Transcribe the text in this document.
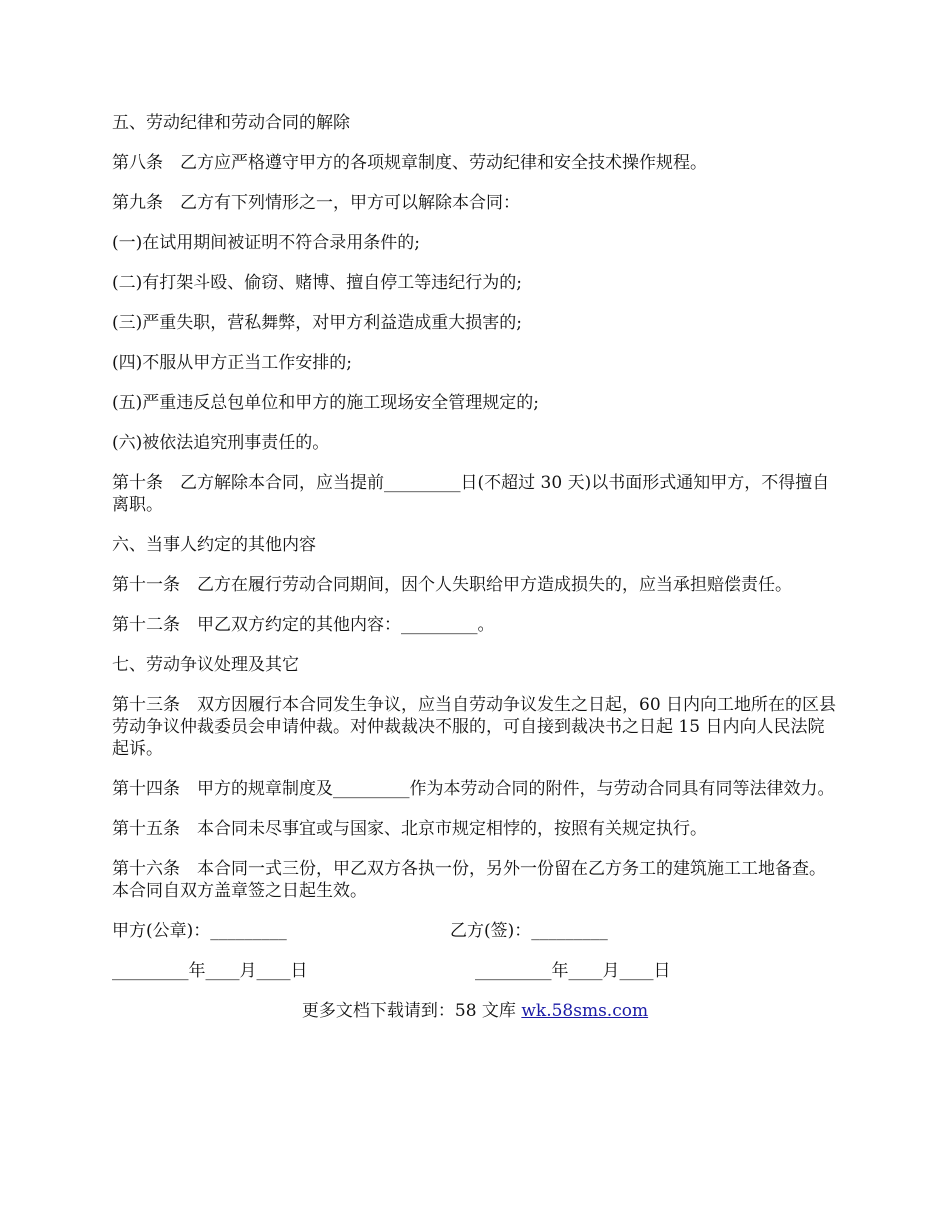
五、劳动纪律和劳动合同的解除

第八条　乙方应严格遵守甲方的各项规章制度、劳动纪律和安全技术操作规程。

第九条　乙方有下列情形之一，甲方可以解除本合同：

(一)在试用期间被证明不符合录用条件的;

(二)有打架斗殴、偷窃、赌博、擅自停工等违纪行为的;

(三)严重失职，营私舞弊，对甲方利益造成重大损害的;

(四)不服从甲方正当工作安排的;

(五)严重违反总包单位和甲方的施工现场安全管理规定的;

(六)被依法追究刑事责任的。

第十条　乙方解除本合同，应当提前_________日(不超过 30 天)以书面形式通知甲方，不得擅自离职。

六、当事人约定的其他内容

第十一条　乙方在履行劳动合同期间，因个人失职给甲方造成损失的，应当承担赔偿责任。

第十二条　甲乙双方约定的其他内容：_________。

七、劳动争议处理及其它

第十三条　双方因履行本合同发生争议，应当自劳动争议发生之日起，60 日内向工地所在的区县劳动争议仲裁委员会申请仲裁。对仲裁裁决不服的，可自接到裁决书之日起 15 日内向人民法院起诉。

第十四条　甲方的规章制度及_________作为本劳动合同的附件，与劳动合同具有同等法律效力。

第十五条　本合同未尽事宜或与国家、北京市规定相悖的，按照有关规定执行。

第十六条　本合同一式三份，甲乙双方各执一份，另外一份留在乙方务工的建筑施工工地备查。本合同自双方盖章签之日起生效。

甲方(公章)：_________	乙方(签)：_________
_________年____月____日	_________年____月____日
更多文档下载请到：58 文库 wk.58sms.com
